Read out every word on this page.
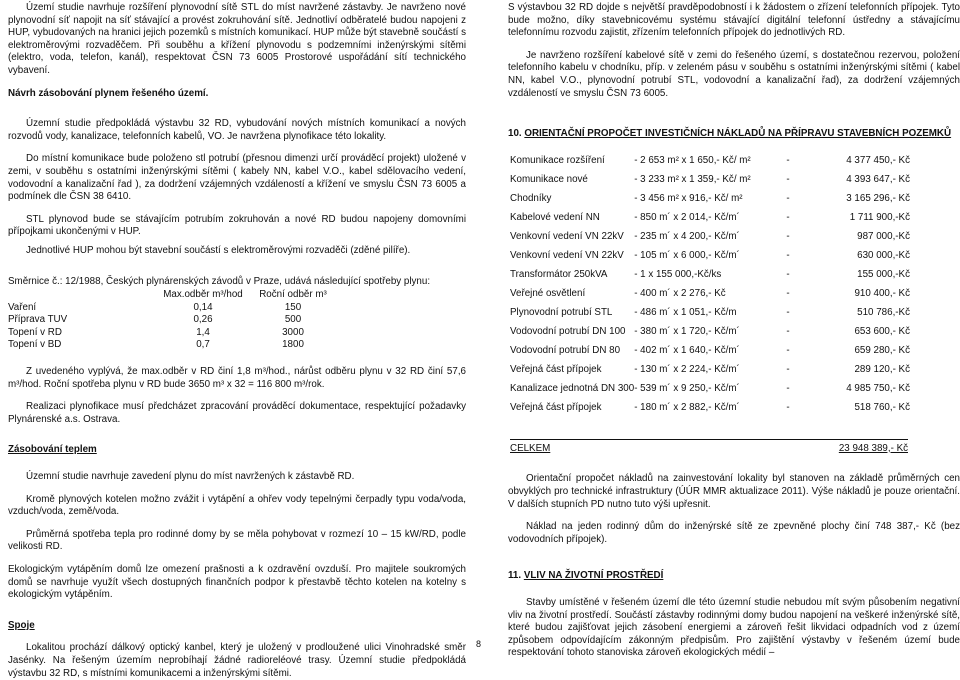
Území studie navrhuje rozšíření plynovodní sítě STL do míst navržené zástavby. Je navrženo nové plynovodní síť napojit na síť stávající a provést zokruhování sítě. Jednotliví odběratelé budou napojeni z HUP, vybudovaných na hranici jejich pozemků s místních komunikací. HUP může být stavebně součástí s elektroměrovými rozvaděčem. Při souběhu a křížení plynovodu s podzemními inženýrskými sítěmi (elektro, voda, telefon, kanál), respektovat ČSN 73 6005 Prostorové uspořádání sítí technického vybavení.

Návrh zásobování plynem řešeného území.

Územní studie předpokládá výstavbu 32 RD, vybudování nových místních komunikací a nových rozvodů vody, kanalizace, telefonních kabelů, VO. Je navržena plynofikace této lokality.

Do místní komunikace bude položeno stl potrubí (přesnou dimenzi určí prováděcí projekt) uložené v zemi, v souběhu s ostatními inženýrskými sítěmi ( kabely NN, kabel V.O., kabel sdělovacího vedení, vodovodní a kanalizační řad ), za dodržení vzájemných vzdáleností a křížení ve smyslu ČSN 73 6005 a podmínek dle ČSN 38 6410.

STL plynovod bude se stávajícím potrubím zokruhován a nové RD budou napojeny domovními přípojkami ukončenými v HUP.

Jednotlivé HUP mohou být stavební součástí s elektroměrovými rozvaděči (zděné pilíře).

Směrnice č.: 12/1988, Českých plynárenských závodů v Praze, udává následující spotřeby plynu:

	Max.odběr m³/hod	Roční odběr m³
Vaření	0,14	150
Příprava TUV	0,26	500
Topení v RD	1,4	3000
Topení v BD	0,7	1800

Z uvedeného vyplývá, že max.odběr v RD činí 1,8 m³/hod., nárůst odběru plynu v 32 RD činí 57,6 m³/hod. Roční spotřeba plynu v RD bude 3650 m³ x 32 = 116 800 m³/rok.

Realizaci plynofikace musí předcházet zpracování prováděcí dokumentace, respektující požadavky Plynárenské a.s. Ostrava.

Zásobování teplem

Územní studie navrhuje zavedení plynu do míst navržených k zástavbě RD.

Kromě plynových kotelen možno zvážit i vytápění a ohřev vody tepelnými čerpadly typu voda/voda, vzduch/voda, země/voda.

Průměrná spotřeba tepla pro rodinné domy by se měla pohybovat v rozmezí 10 – 15 kW/RD, podle velikosti RD.

Ekologickým vytápěním domů lze omezení prašnosti a k ozdravění ovzduší. Pro majitele soukromých domů se navrhuje využít všech dostupných finančních podpor k přestavbě těchto kotelen na kotelny s ekologickým vytápěním.

Spoje

Lokalitou prochází dálkový optický kanbel, který je uložený v prodloužené ulici Vinohradské směr Jasénky. Na řešeným územím neprobíhají žádné radioreléové trasy. Územní studie předpokládá výstavbu 32 RD, s místními komunikacemi a inženýrskými sítěmi.

S výstavbou 32 RD dojde s největší pravděpodobností i k žádostem o zřízení telefonních přípojek. Tyto bude možno, díky stavebnicovému systému stávající digitální telefonní ústředny a stávajícímu telefonnímu rozvodu zajistit, zřízením telefonních přípojek do jednotlivých RD.

Je navrženo rozšíření kabelové sítě v zemi do řešeného území, s dostatečnou rezervou, položení telefonního kabelu v chodníku, příp. v zeleném pásu v souběhu s ostatními inženýrskými sítěmi ( kabel NN, kabel V.O., plynovodní potrubí STL, vodovodní a kanalizační řad), za dodržení vzájemných vzdáleností ve smyslu ČSN 73 6005.

10. ORIENTAČNÍ PROPOČET INVESTIČNÍCH NÁKLADŮ NA PŘÍPRAVU STAVEBNÍCH POZEMKŮ

Komunikace rozšíření	- 2 653 m² x 1 650,- Kč/ m²	-	4 377 450,- Kč
Komunikace nové	- 3 233 m² x 1 359,- Kč/ m²	-	4 393 647,- Kč
Chodníky	- 3 456 m² x 916,- Kč/ m²	-	3 165 296,- Kč
Kabelové vedení NN	- 850 m´ x 2 014,- Kč/m´	-	1 711 900,-Kč
Venkovní vedení VN 22kV	- 235 m´ x 4 200,- Kč/m´	-	987 000,-Kč
Venkovní vedení VN 22kV	- 105 m´ x 6 000,- Kč/m´	-	630 000,-Kč
Transformátor 250kVA	- 1 x 155 000,-Kč/ks	-	155 000,-Kč
Veřejné osvětlení	- 400 m´ x 2 276,- Kč	-	910 400,- Kč
Plynovodní potrubí STL	- 486 m´ x 1 051,- Kč/m	-	510 786,-Kč
Vodovodní potrubí DN 100	- 380 m´ x 1 720,- Kč/m´	-	653 600,- Kč
Vodovodní potrubí DN 80	- 402 m´ x 1 640,- Kč/m´	-	659 280,- Kč
Veřejná část přípojek	- 130 m´ x 2 224,- Kč/m´	-	289 120,- Kč
Kanalizace jednotná DN 300	- 539 m´ x 9 250,- Kč/m´	-	4 985 750,- Kč
Veřejná část přípojek	- 180 m´ x 2 882,- Kč/m´	-	518 760,- Kč
CELKEM	23 948 389,- Kč

Orientační propočet nákladů na zainvestování lokality byl stanoven na základě průměrných cen obvyklých pro technické infrastruktury (ÚÚR MMR aktualizace 2011). Výše nákladů je pouze orientační. V dalších stupních PD nutno tuto výši upřesnit.

Náklad na jeden rodinný dům do inženýrské sítě ze zpevněné plochy činí 748 387,- Kč (bez vodovodních přípojek).

11. VLIV NA ŽIVOTNÍ PROSTŘEDÍ

Stavby umístěné v řešeném území dle této územní studie nebudou mít svým působením negativní vliv na životní prostředí. Součástí zástavby rodinnými domy budou napojení na veškeré inženýrské sítě, které budou zajišťovat jejich zásobení energiemi a zároveň řešit likvidaci odpadních vod z území způsobem odpovídajícím zákonným předpisům. Pro zajištění výstavby v řešeném území bude respektování tohoto stanoviska zároveň ekologických médií –

8
